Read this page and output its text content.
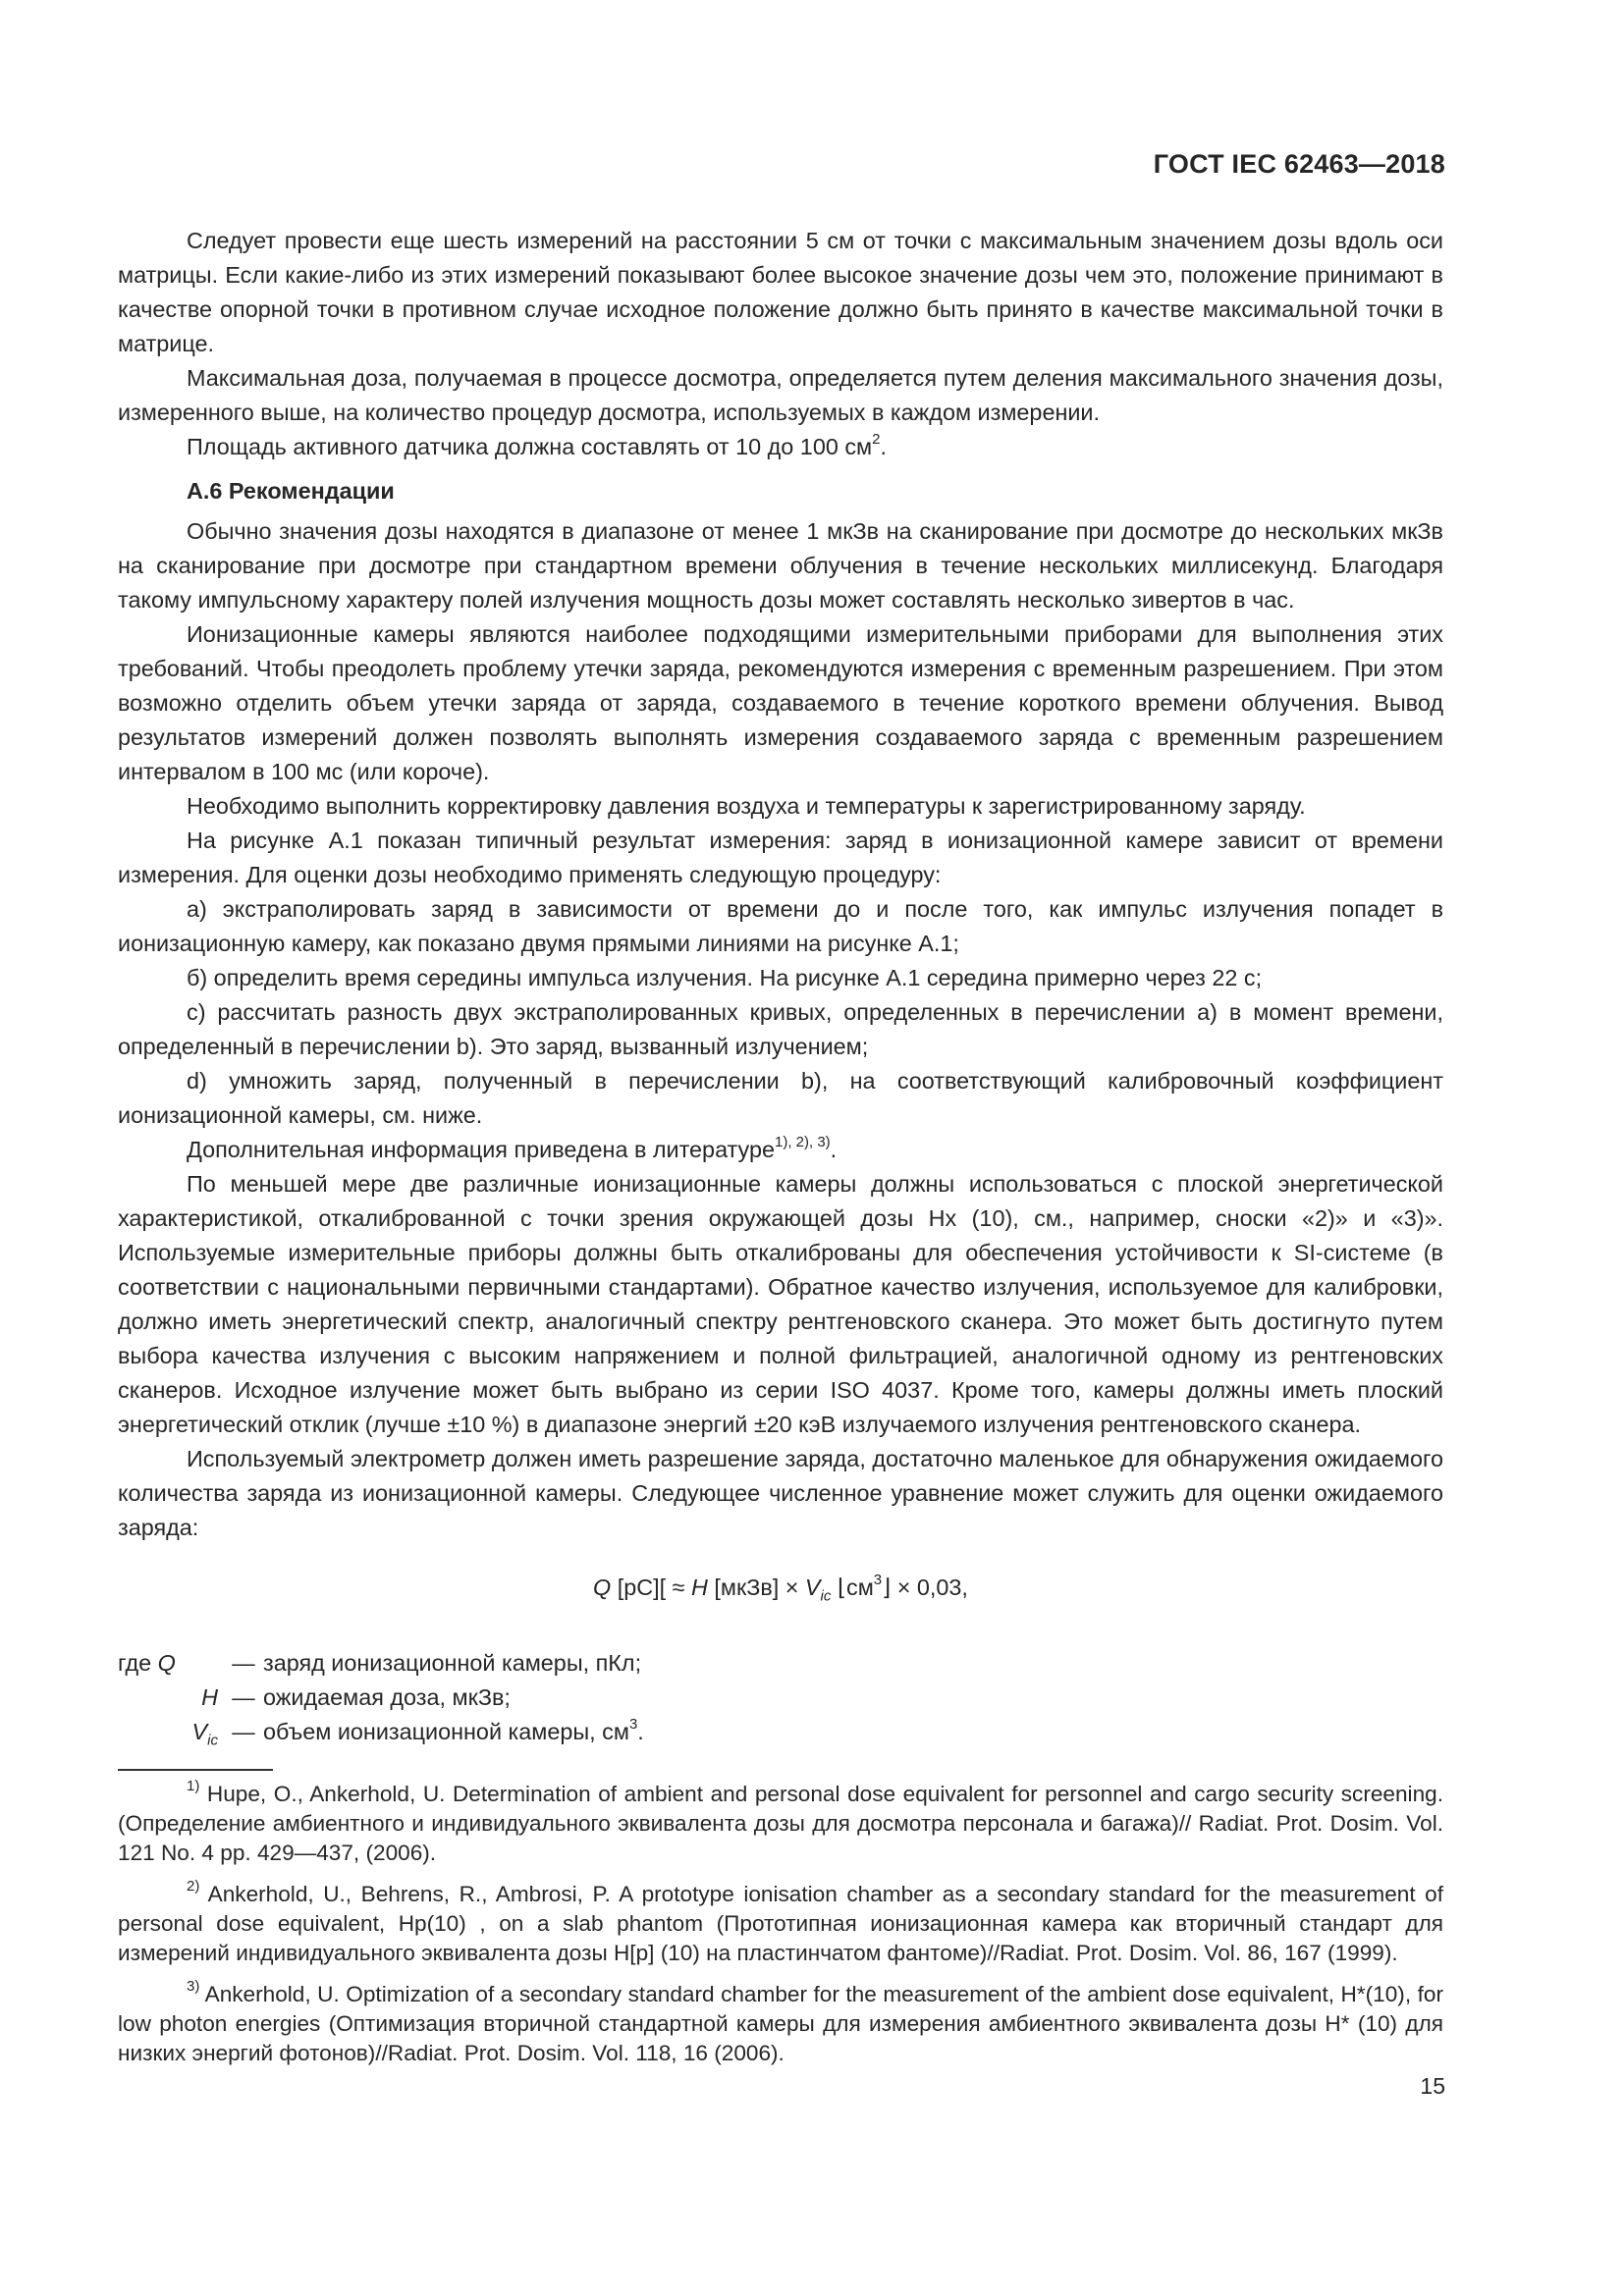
ГОСТ IEC 62463—2018

Следует провести еще шесть измерений на расстоянии 5 см от точки с максимальным значением дозы вдоль оси матрицы. Если какие-либо из этих измерений показывают более высокое значение дозы чем это, положение принимают в качестве опорной точки в противном случае исходное положение должно быть принято в качестве максимальной точки в матрице.

Максимальная доза, получаемая в процессе досмотра, определяется путем деления максимального значения дозы, измеренного выше, на количество процедур досмотра, используемых в каждом измерении.

Площадь активного датчика должна составлять от 10 до 100 $см^2$.

А.6 Рекомендации

Обычно значения дозы находятся в диапазоне от менее 1 мкЗв на сканирование при досмотре до нескольких мкЗв на сканирование при досмотре при стандартном времени облучения в течение нескольких миллисекунд. Благодаря такому импульсному характеру полей излучения мощность дозы может составлять несколько зивертов в час.

Ионизационные камеры являются наиболее подходящими измерительными приборами для выполнения этих требований. Чтобы преодолеть проблему утечки заряда, рекомендуются измерения с временным разрешением. При этом возможно отделить объем утечки заряда от заряда, создаваемого в течение короткого времени облучения. Вывод результатов измерений должен позволять выполнять измерения создаваемого заряда с временным разрешением интервалом в 100 мс (или короче).

Необходимо выполнить корректировку давления воздуха и температуры к зарегистрированному заряду.

На рисунке А.1 показан типичный результат измерения: заряд в ионизационной камере зависит от времени измерения. Для оценки дозы необходимо применять следующую процедуру:

а) экстраполировать заряд в зависимости от времени до и после того, как импульс излучения попадет в ионизационную камеру, как показано двумя прямыми линиями на рисунке А.1;

б) определить время середины импульса излучения. На рисунке А.1 середина примерно через 22 с;

с) рассчитать разность двух экстраполированных кривых, определенных в перечислении а) в момент времени, определенный в перечислении b). Это заряд, вызванный излучением;

d) умножить заряд, полученный в перечислении b), на соответствующий калибровочный коэффициент ионизационной камеры, см. ниже.

Дополнительная информация приведена в литературе$^{1), 2), 3)}$.

По меньшей мере две различные ионизационные камеры должны использоваться с плоской энергетической характеристикой, откалиброванной с точки зрения окружающей дозы Hx (10), см., например, сноски «2)» и «3)». Используемые измерительные приборы должны быть откалиброваны для обеспечения устойчивости к SI-системе (в соответствии с национальными первичными стандартами). Обратное качество излучения, используемое для калибровки, должно иметь энергетический спектр, аналогичный спектру рентгеновского сканера. Это может быть достигнуто путем выбора качества излучения с высоким напряжением и полной фильтрацией, аналогичной одному из рентгеновских сканеров. Исходное излучение может быть выбрано из серии ISO 4037. Кроме того, камеры должны иметь плоский энергетический отклик (лучше ±10 %) в диапазоне энергий ±20 кэВ излучаемого излучения рентгеновского сканера.

Используемый электрометр должен иметь разрешение заряда, достаточно маленькое для обнаружения ожидаемого количества заряда из ионизационной камеры. Следующее численное уравнение может служить для оценки ожидаемого заряда:

Q [pC][ ≈ H [мкЗв] × $V_{ic}$ $⌊см^3⌋ \times 0,03$,
где Q	— заряд ионизационной камеры, пКл;
H — ожидаемая доза, мкЗв;
$V_{ic}$ — объем ионизационной камеры, $см^3$.

$^{1)}$ Hupe, O., Ankerhold, U. Determination of ambient and personal dose equivalent for personnel and cargo security screening. (Определение амбиентного и индивидуального эквивалента дозы для досмотра персонала и багажа)// Radiat. Prot. Dosim. Vol. 121 No. 4 pp. 429—437, (2006).

$^{2)}$ Ankerhold, U., Behrens, R., Ambrosi, P. A prototype ionisation chamber as a secondary standard for the measurement of personal dose equivalent, Hp(10) , on a slab phantom (Прототипная ионизационная камера как вторичный стандарт для измерений индивидуального эквивалента дозы Н[р] (10) на пластинчатом фантоме)//Radiat. Prot. Dosim. Vol. 86, 167 (1999).

$^{3)}$ Ankerhold, U. Optimization of a secondary standard chamber for the measurement of the ambient dose equivalent, H*(10), for low photon energies (Оптимизация вторичной стандартной камеры для измерения амбиентного эквивалента дозы Н* (10) для низких энергий фотонов)//Radiat. Prot. Dosim. Vol. 118, 16 (2006).

15
